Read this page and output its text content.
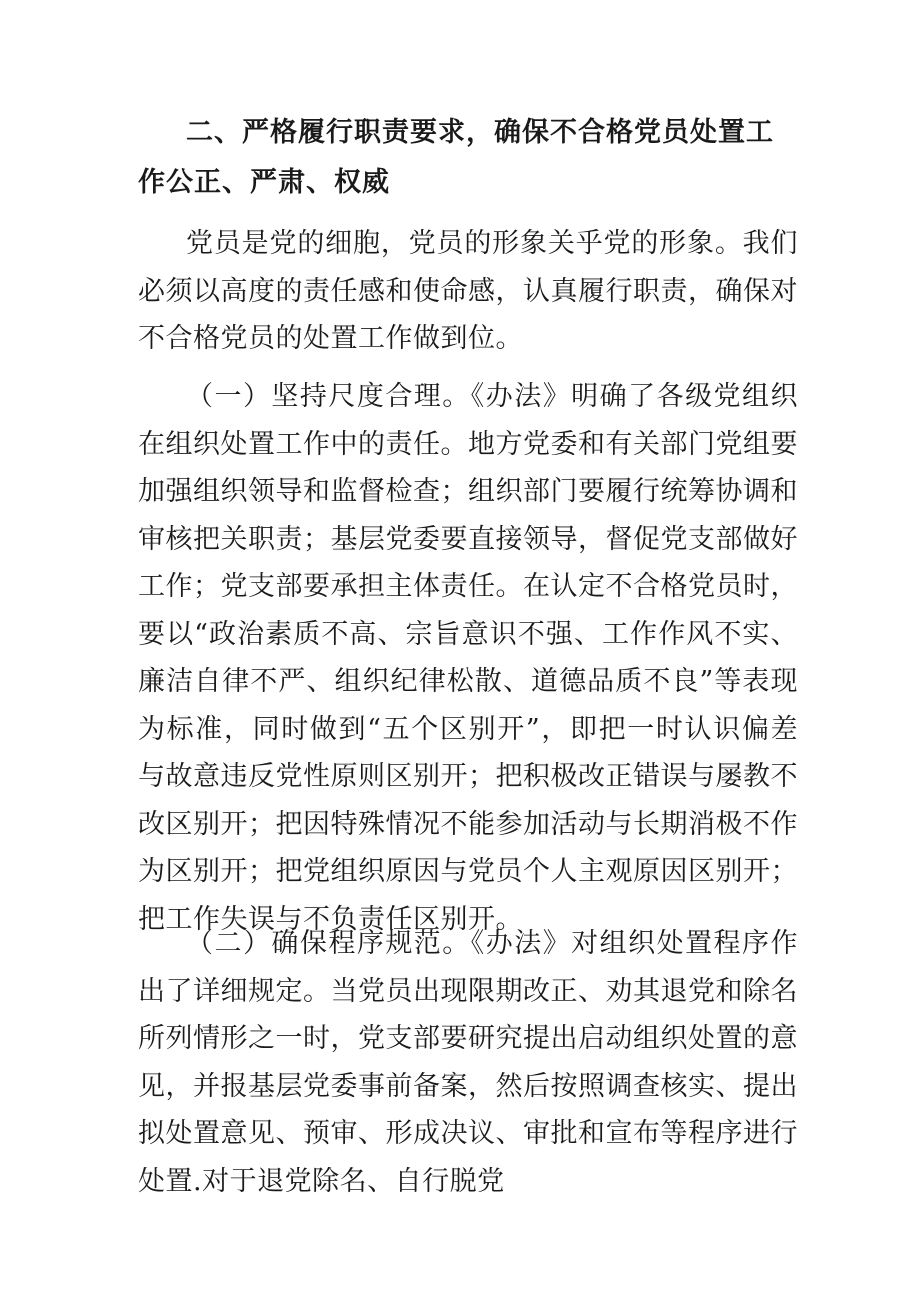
二、严格履行职责要求，确保不合格党员处置工作公正、严肃、权威

党员是党的细胞，党员的形象关乎党的形象。我们必须以高度的责任感和使命感，认真履行职责，确保对不合格党员的处置工作做到位。

（一）坚持尺度合理。《办法》明确了各级党组织在组织处置工作中的责任。地方党委和有关部门党组要加强组织领导和监督检查；组织部门要履行统筹协调和审核把关职责；基层党委要直接领导，督促党支部做好工作；党支部要承担主体责任。在认定不合格党员时，要以“政治素质不高、宗旨意识不强、工作作风不实、廉洁自律不严、组织纪律松散、道德品质不良”等表现为标准，同时做到“五个区别开”，即把一时认识偏差与故意违反党性原则区别开；把积极改正错误与屡教不改区别开；把因特殊情况不能参加活动与长期消极不作为区别开；把党组织原因与党员个人主观原因区别开；把工作失误与不负责任区别开。

（二）确保程序规范。《办法》对组织处置程序作出了详细规定。当党员出现限期改正、劝其退党和除名所列情形之一时，党支部要研究提出启动组织处置的意见，并报基层党委事前备案，然后按照调查核实、提出拟处置意见、预审、形成决议、审批和宣布等程序进行处置.对于退党除名、自行脱党
